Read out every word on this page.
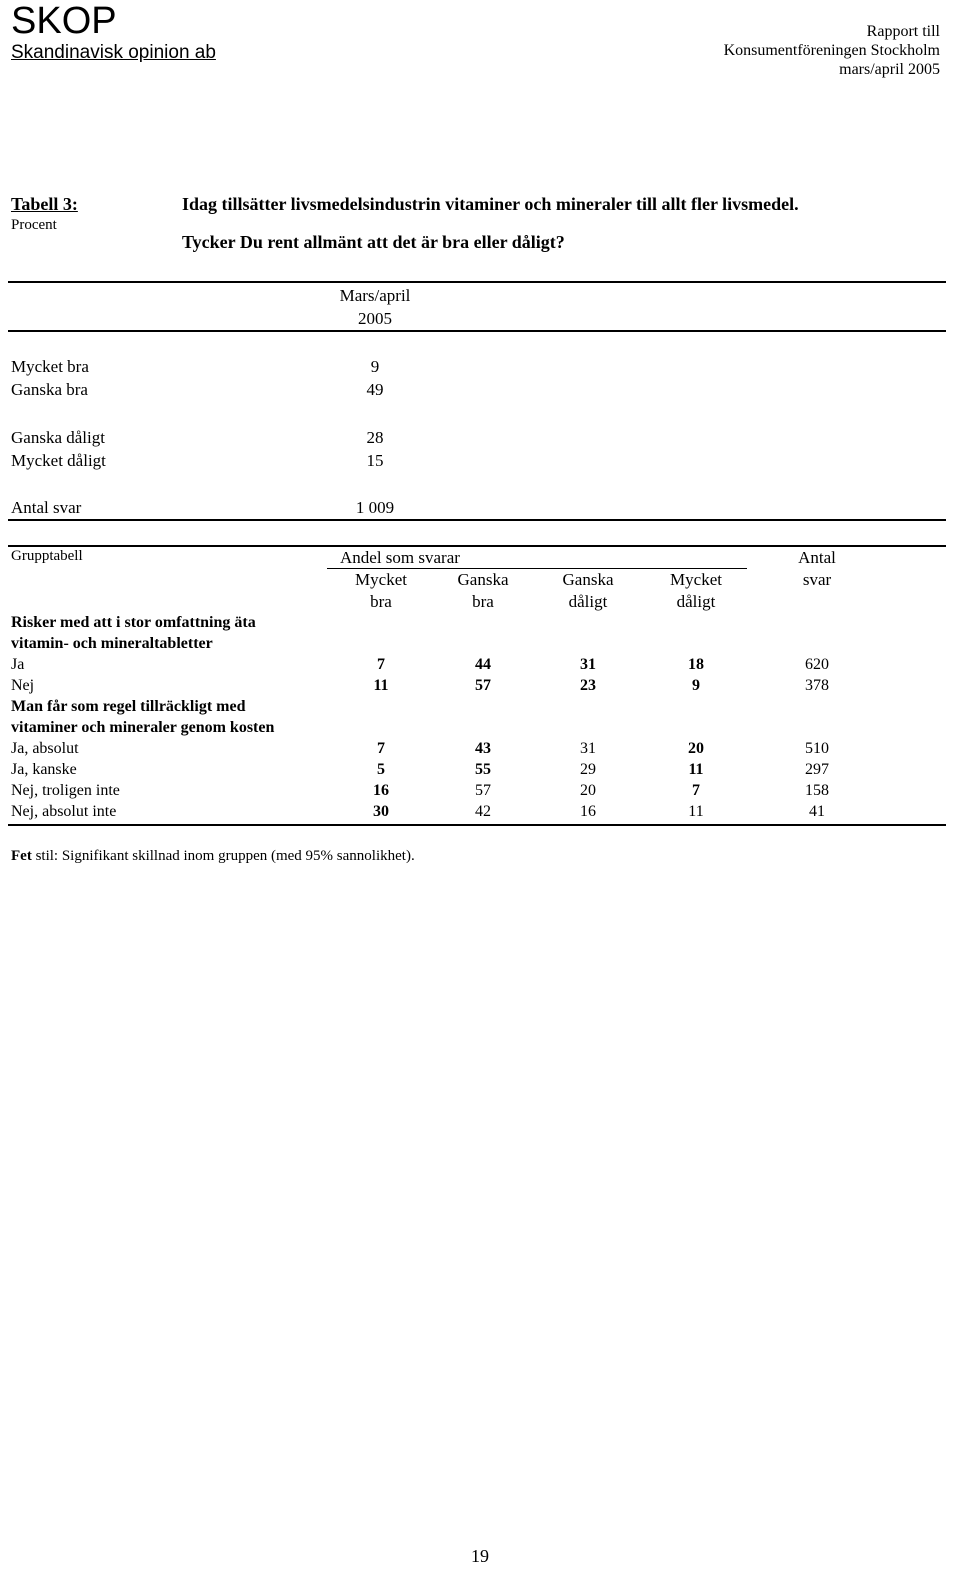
SKOP
Skandinavisk opinion ab
Rapport till
Konsumentföreningen Stockholm
mars/april 2005
Tabell 3:
Procent
Idag tillsätter livsmedelsindustrin vitaminer och mineraler till allt fler livsmedel.
Tycker Du rent allmänt att det är bra eller dåligt?
Mars/april
2005
Mycket bra	9
Ganska bra	49
Ganska dåligt	28
Mycket dåligt	15
Antal svar	1 009
Grupptabell	Andel som svarar	Antal
svar
Mycket
bra
Ganska
bra
Ganska
dåligt
Mycket
dåligt
Risker med att i stor omfattning äta
vitamin- och mineraltabletter
Ja	7	44	31	18	620
Nej	11	57	23	9	378
Man får som regel tillräckligt med
vitaminer och mineraler genom kosten
Ja, absolut	7	43	31	20	510
Ja, kanske	5	55	29	11	297
Nej, troligen inte	16	57	20	7	158
Nej, absolut inte	30	42	16	11	41
Fet stil: Signifikant skillnad inom gruppen (med 95% sannolikhet).
19
